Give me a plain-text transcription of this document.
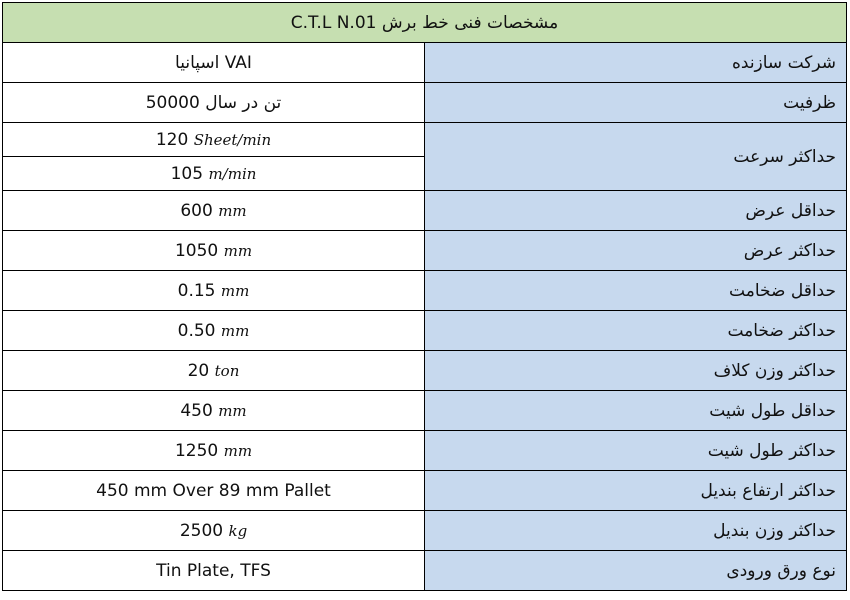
مشخصات فنی خط برش C.T.L N.01	
اسپانیا VAI	شرکت سازنده
تن در سال 50000	ظرفیت
120 Sheet/min	حداکثر سرعت
105 m/min	
600 mm	حداقل عرض
1050 mm	حداکثر عرض
0.15 mm	حداقل ضخامت
0.50 mm	حداکثر ضخامت
20 ton	حداکثر وزن کلاف
450 mm	حداقل طول شیت
1250 mm	حداکثر طول شیت
450 mm Over 89 mm Pallet	حداکثر ارتفاع بندیل
2500 kg	حداکثر وزن بندیل
Tin Plate, TFS	نوع ورق ورودی
